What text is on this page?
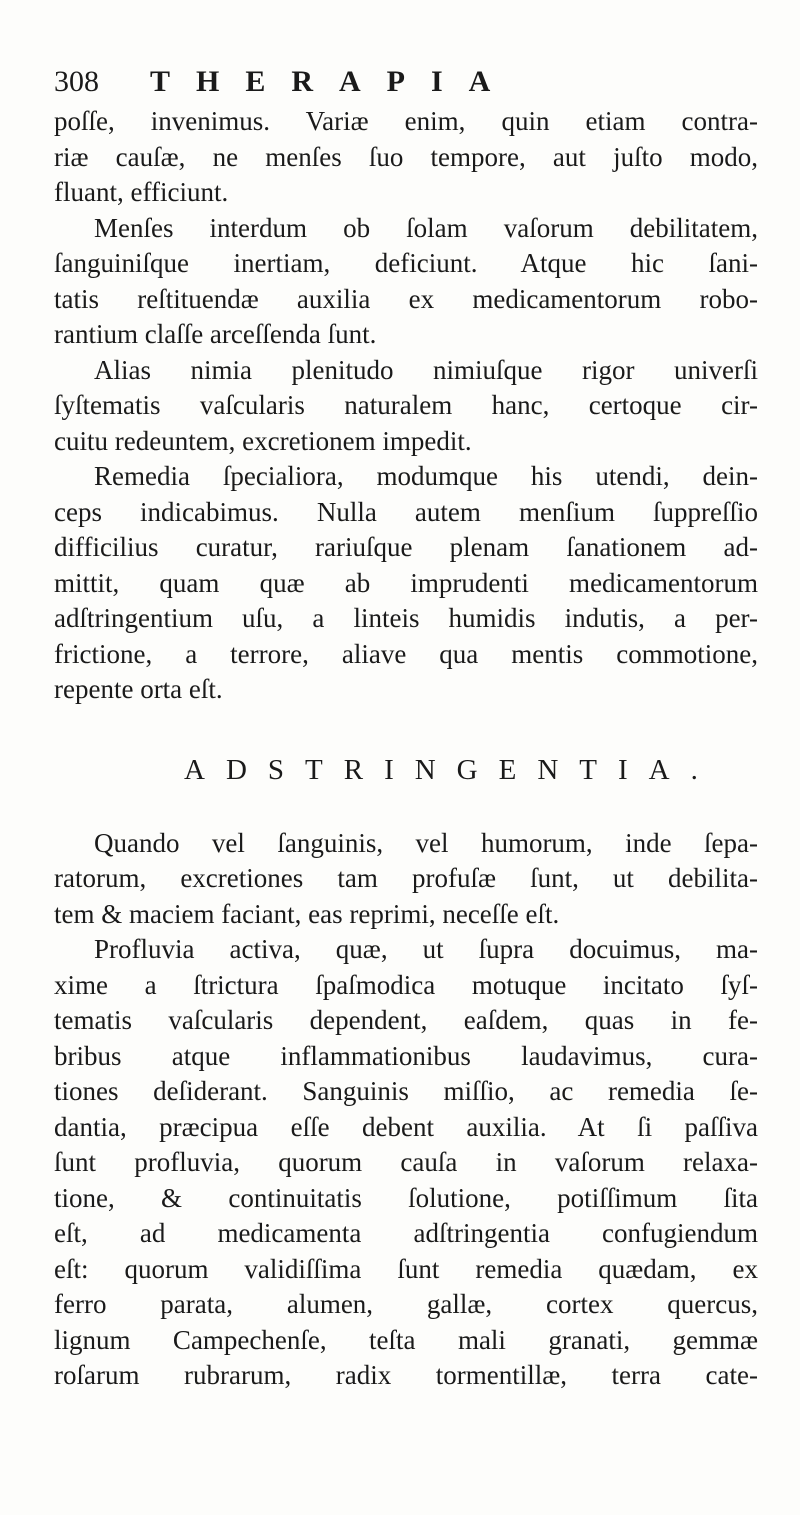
308 THERAPIA

poſſe, invenimus. Variæ enim, quin etiam contra-
riæ cauſæ, ne menſes ſuo tempore, aut juſto modo,
fluant, efficiunt.

Menſes interdum ob ſolam vaſorum debilitatem,
ſanguiniſque inertiam, deficiunt. Atque hic ſani-
tatis reſtituendæ auxilia ex medicamentorum robo-
rantium claſſe arceſſenda ſunt.

Alias nimia plenitudo nimiuſque rigor univerſi
ſyſtematis vaſcularis naturalem hanc, certoque cir-
cuitu redeuntem, excretionem impedit.

Remedia ſpecialiora, modumque his utendi, dein-
ceps indicabimus. Nulla autem menſium ſuppreſſio
difficilius curatur, rariuſque plenam ſanationem ad-
mittit, quam quæ ab imprudenti medicamentorum
adſtringentium uſu, a linteis humidis indutis, a per-
frictione, a terrore, aliave qua mentis commotione,
repente orta eſt.

ADSTRINGENTIA.

Quando vel ſanguinis, vel humorum, inde ſepa-
ratorum, excretiones tam profuſæ ſunt, ut debilita-
tem & maciem faciant, eas reprimi, neceſſe eſt.

Profluvia activa, quæ, ut ſupra docuimus, ma-
xime a ſtrictura ſpaſmodica motuque incitato ſyſ-
tematis vaſcularis dependent, eaſdem, quas in fe-
bribus atque inflammationibus laudavimus, cura-
tiones deſiderant. Sanguinis miſſio, ac remedia ſe-
dantia, præcipua eſſe debent auxilia. At ſi paſſiva
ſunt profluvia, quorum cauſa in vaſorum relaxa-
tione, & continuitatis ſolutione, potiſſimum ſita
eſt, ad medicamenta adſtringentia confugiendum
eſt: quorum validiſſima ſunt remedia quædam, ex
ferro parata, alumen, gallæ, cortex quercus,
lignum Campechenſe, teſta mali granati, gemmæ
roſarum rubrarum, radix tormentillæ, terra cate-
